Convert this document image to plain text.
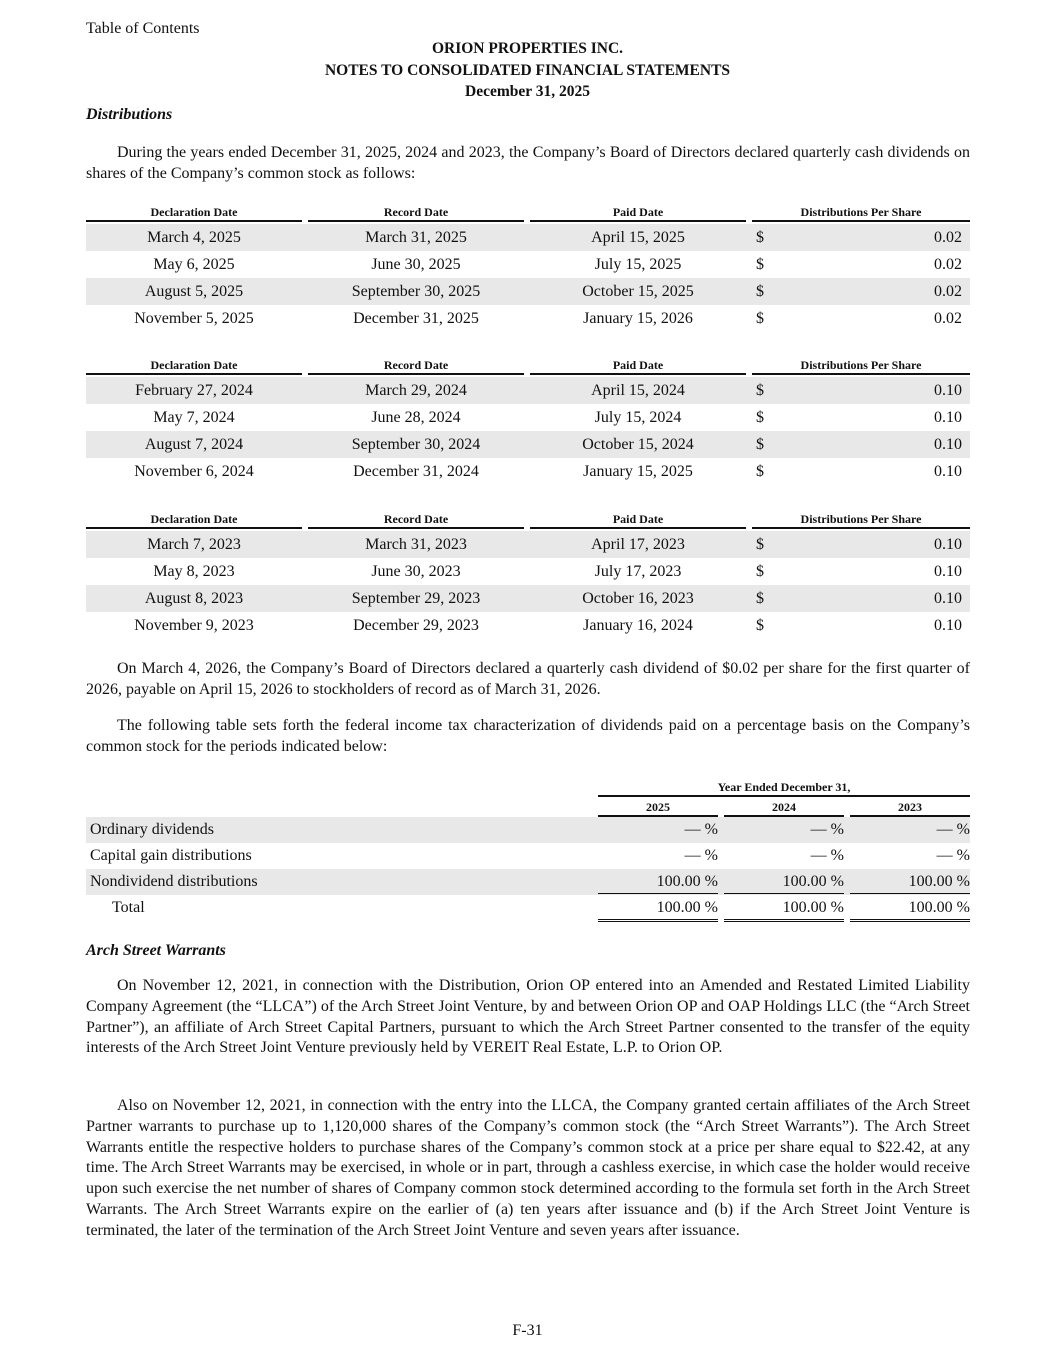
Table of Contents
ORION PROPERTIES INC.
NOTES TO CONSOLIDATED FINANCIAL STATEMENTS
December 31, 2025
Distributions

During the years ended December 31, 2025, 2024 and 2023, the Company’s Board of Directors declared quarterly cash dividends on shares of the Company’s common stock as follows:

Declaration Date	Record Date	Paid Date	Distributions Per Share
March 4, 2025	March 31, 2025	April 15, 2025	$	0.02
May 6, 2025	June 30, 2025	July 15, 2025	$	0.02
August 5, 2025	September 30, 2025	October 15, 2025	$	0.02
November 5, 2025	December 31, 2025	January 15, 2026	$	0.02
Declaration Date	Record Date	Paid Date	Distributions Per Share
February 27, 2024	March 29, 2024	April 15, 2024	$	0.10
May 7, 2024	June 28, 2024	July 15, 2024	$	0.10
August 7, 2024	September 30, 2024	October 15, 2024	$	0.10
November 6, 2024	December 31, 2024	January 15, 2025	$	0.10
Declaration Date	Record Date	Paid Date	Distributions Per Share
March 7, 2023	March 31, 2023	April 17, 2023	$	0.10
May 8, 2023	June 30, 2023	July 17, 2023	$	0.10
August 8, 2023	September 29, 2023	October 16, 2023	$	0.10
November 9, 2023	December 29, 2023	January 16, 2024	$	0.10

On March 4, 2026, the Company’s Board of Directors declared a quarterly cash dividend of $0.02 per share for the first quarter of 2026, payable on April 15, 2026 to stockholders of record as of March 31, 2026.

The following table sets forth the federal income tax characterization of dividends paid on a percentage basis on the Company’s common stock for the periods indicated below:

Year Ended December 31,
2025	2024	2023
Ordinary dividends	— %	— %	— %
Capital gain distributions	— %	— %	— %
Nondividend distributions	100.00 %	100.00 %	100.00 %
Total	100.00 %	100.00 %	100.00 %
Arch Street Warrants

On November 12, 2021, in connection with the Distribution, Orion OP entered into an Amended and Restated Limited Liability Company Agreement (the “LLCA”) of the Arch Street Joint Venture, by and between Orion OP and OAP Holdings LLC (the “Arch Street Partner”), an affiliate of Arch Street Capital Partners, pursuant to which the Arch Street Partner consented to the transfer of the equity interests of the Arch Street Joint Venture previously held by VEREIT Real Estate, L.P. to Orion OP.

Also on November 12, 2021, in connection with the entry into the LLCA, the Company granted certain affiliates of the Arch Street Partner warrants to purchase up to 1,120,000 shares of the Company’s common stock (the “Arch Street Warrants”). The Arch Street Warrants entitle the respective holders to purchase shares of the Company’s common stock at a price per share equal to $22.42, at any time. The Arch Street Warrants may be exercised, in whole or in part, through a cashless exercise, in which case the holder would receive upon such exercise the net number of shares of Company common stock determined according to the formula set forth in the Arch Street Warrants. The Arch Street Warrants expire on the earlier of (a) ten years after issuance and (b) if the Arch Street Joint Venture is terminated, the later of the termination of the Arch Street Joint Venture and seven years after issuance.

F-31
